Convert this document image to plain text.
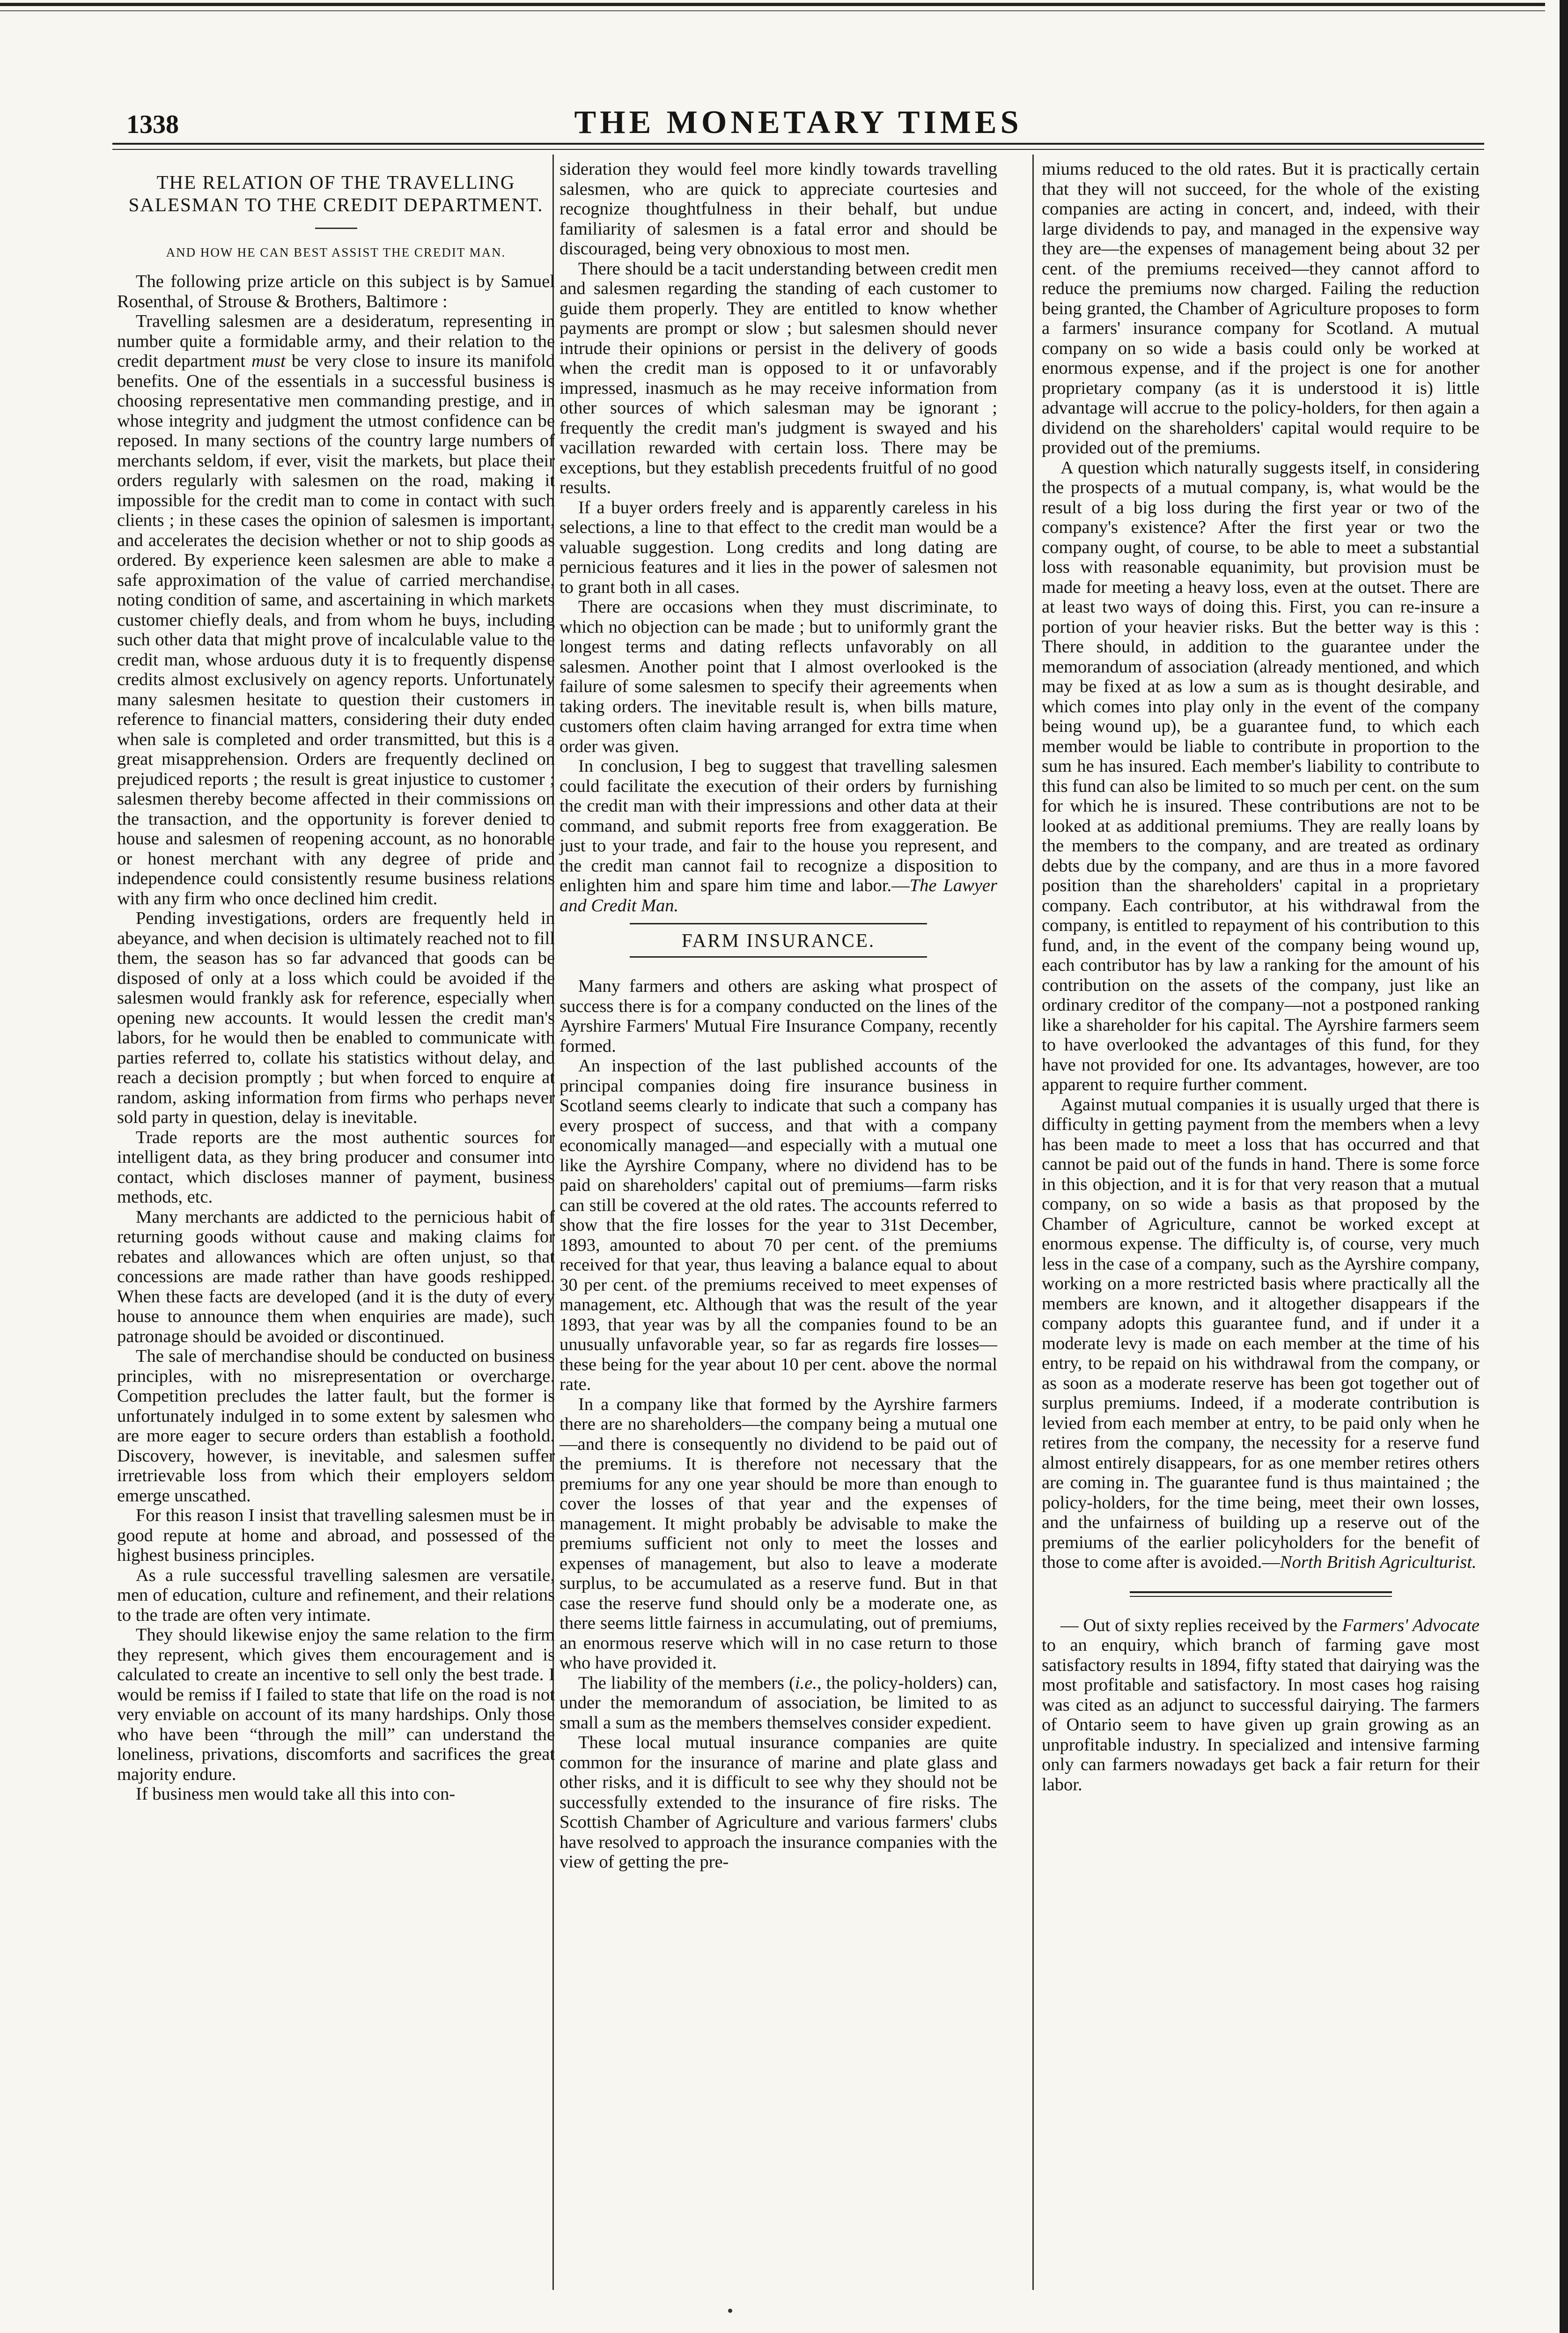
1338	THE MONETARY TIMES
THE RELATION OF THE TRAVELLING SALESMAN TO THE CREDIT DEPARTMENT.
AND HOW HE CAN BEST ASSIST THE CREDIT MAN.

The following prize article on this subject is by Samuel Rosenthal, of Strouse & Brothers, Baltimore :

Travelling salesmen are a desideratum, representing in number quite a formidable army, and their relation to the credit department must be very close to insure its manifold benefits. One of the essentials in a successful business is choosing representative men commanding prestige, and in whose integrity and judgment the utmost confidence can be reposed. In many sections of the country large numbers of merchants seldom, if ever, visit the markets, but place their orders regularly with salesmen on the road, making it impossible for the credit man to come in contact with such clients ; in these cases the opinion of salesmen is important, and accelerates the decision whether or not to ship goods as ordered. By experience keen salesmen are able to make a safe approximation of the value of carried merchandise, noting condition of same, and ascertaining in which markets customer chiefly deals, and from whom he buys, including such other data that might prove of incalculable value to the credit man, whose arduous duty it is to frequently dispense credits almost exclusively on agency reports. Unfortunately many salesmen hesitate to question their customers in reference to financial matters, considering their duty ended when sale is completed and order transmitted, but this is a great misapprehension. Orders are frequently declined on prejudiced reports ; the result is great injustice to customer ; salesmen thereby become affected in their commissions on the transaction, and the opportunity is forever denied to house and salesmen of reopening account, as no honorable or honest merchant with any degree of pride and independence could consistently resume business relations with any firm who once declined him credit.

Pending investigations, orders are frequently held in abeyance, and when decision is ultimately reached not to fill them, the season has so far advanced that goods can be disposed of only at a loss which could be avoided if the salesmen would frankly ask for reference, especially when opening new accounts. It would lessen the credit man's labors, for he would then be enabled to communicate with parties referred to, collate his statistics without delay, and reach a decision promptly ; but when forced to enquire at random, asking information from firms who perhaps never sold party in question, delay is inevitable.

Trade reports are the most authentic sources for intelligent data, as they bring producer and consumer into contact, which discloses manner of payment, business methods, etc.

Many merchants are addicted to the pernicious habit of returning goods without cause and making claims for rebates and allowances which are often unjust, so that concessions are made rather than have goods reshipped. When these facts are developed (and it is the duty of every house to announce them when enquiries are made), such patronage should be avoided or discontinued.

The sale of merchandise should be conducted on business principles, with no misrepresentation or overcharge. Competition precludes the latter fault, but the former is unfortunately indulged in to some extent by salesmen who are more eager to secure orders than establish a foothold. Discovery, however, is inevitable, and salesmen suffer irretrievable loss from which their employers seldom emerge unscathed.

For this reason I insist that travelling salesmen must be in good repute at home and abroad, and possessed of the highest business principles.

As a rule successful travelling salesmen are versatile, men of education, culture and refinement, and their relations to the trade are often very intimate.

They should likewise enjoy the same relation to the firm they represent, which gives them encouragement and is calculated to create an incentive to sell only the best trade. I would be remiss if I failed to state that life on the road is not very enviable on account of its many hardships. Only those who have been “through the mill” can understand the loneliness, privations, discomforts and sacrifices the great majority endure.

If business men would take all this into con-

sideration they would feel more kindly towards travelling salesmen, who are quick to appreciate courtesies and recognize thoughtfulness in their behalf, but undue familiarity of salesmen is a fatal error and should be discouraged, being very obnoxious to most men.

There should be a tacit understanding between credit men and salesmen regarding the standing of each customer to guide them properly. They are entitled to know whether payments are prompt or slow ; but salesmen should never intrude their opinions or persist in the delivery of goods when the credit man is opposed to it or unfavorably impressed, inasmuch as he may receive information from other sources of which salesman may be ignorant ; frequently the credit man's judgment is swayed and his vacillation rewarded with certain loss. There may be exceptions, but they establish precedents fruitful of no good results.

If a buyer orders freely and is apparently careless in his selections, a line to that effect to the credit man would be a valuable suggestion. Long credits and long dating are pernicious features and it lies in the power of salesmen not to grant both in all cases.

There are occasions when they must discriminate, to which no objection can be made ; but to uniformly grant the longest terms and dating reflects unfavorably on all salesmen. Another point that I almost overlooked is the failure of some salesmen to specify their agreements when taking orders. The inevitable result is, when bills mature, customers often claim having arranged for extra time when order was given.

In conclusion, I beg to suggest that travelling salesmen could facilitate the execution of their orders by furnishing the credit man with their impressions and other data at their command, and submit reports free from exaggeration. Be just to your trade, and fair to the house you represent, and the credit man cannot fail to recognize a disposition to enlighten him and spare him time and labor.—The Lawyer and Credit Man.

FARM INSURANCE.

Many farmers and others are asking what prospect of success there is for a company conducted on the lines of the Ayrshire Farmers' Mutual Fire Insurance Company, recently formed.

An inspection of the last published accounts of the principal companies doing fire insurance business in Scotland seems clearly to indicate that such a company has every prospect of success, and that with a company economically managed—and especially with a mutual one like the Ayrshire Company, where no dividend has to be paid on shareholders' capital out of premiums—farm risks can still be covered at the old rates. The accounts referred to show that the fire losses for the year to 31st December, 1893, amounted to about 70 per cent. of the premiums received for that year, thus leaving a balance equal to about 30 per cent. of the premiums received to meet expenses of management, etc. Although that was the result of the year 1893, that year was by all the companies found to be an unusually unfavorable year, so far as regards fire losses—these being for the year about 10 per cent. above the normal rate.

In a company like that formed by the Ayrshire farmers there are no shareholders—the company being a mutual one—and there is consequently no dividend to be paid out of the premiums. It is therefore not necessary that the premiums for any one year should be more than enough to cover the losses of that year and the expenses of management. It might probably be advisable to make the premiums sufficient not only to meet the losses and expenses of management, but also to leave a moderate surplus, to be accumulated as a reserve fund. But in that case the reserve fund should only be a moderate one, as there seems little fairness in accumulating, out of premiums, an enormous reserve which will in no case return to those who have provided it.

The liability of the members (i.e., the policy-holders) can, under the memorandum of association, be limited to as small a sum as the members themselves consider expedient.

These local mutual insurance companies are quite common for the insurance of marine and plate glass and other risks, and it is difficult to see why they should not be successfully extended to the insurance of fire risks. The Scottish Chamber of Agriculture and various farmers' clubs have resolved to approach the insurance companies with the view of getting the pre-

miums reduced to the old rates. But it is practically certain that they will not succeed, for the whole of the existing companies are acting in concert, and, indeed, with their large dividends to pay, and managed in the expensive way they are—the expenses of management being about 32 per cent. of the premiums received—they cannot afford to reduce the premiums now charged. Failing the reduction being granted, the Chamber of Agriculture proposes to form a farmers' insurance company for Scotland. A mutual company on so wide a basis could only be worked at enormous expense, and if the project is one for another proprietary company (as it is understood it is) little advantage will accrue to the policy-holders, for then again a dividend on the shareholders' capital would require to be provided out of the premiums.

A question which naturally suggests itself, in considering the prospects of a mutual company, is, what would be the result of a big loss during the first year or two of the company's existence? After the first year or two the company ought, of course, to be able to meet a substantial loss with reasonable equanimity, but provision must be made for meeting a heavy loss, even at the outset. There are at least two ways of doing this. First, you can re-insure a portion of your heavier risks. But the better way is this : There should, in addition to the guarantee under the memorandum of association (already mentioned, and which may be fixed at as low a sum as is thought desirable, and which comes into play only in the event of the company being wound up), be a guarantee fund, to which each member would be liable to contribute in proportion to the sum he has insured. Each member's liability to contribute to this fund can also be limited to so much per cent. on the sum for which he is insured. These contributions are not to be looked at as additional premiums. They are really loans by the members to the company, and are treated as ordinary debts due by the company, and are thus in a more favored position than the shareholders' capital in a proprietary company. Each contributor, at his withdrawal from the company, is entitled to repayment of his contribution to this fund, and, in the event of the company being wound up, each contributor has by law a ranking for the amount of his contribution on the assets of the company, just like an ordinary creditor of the company—not a postponed ranking like a shareholder for his capital. The Ayrshire farmers seem to have overlooked the advantages of this fund, for they have not provided for one. Its advantages, however, are too apparent to require further comment.

Against mutual companies it is usually urged that there is difficulty in getting payment from the members when a levy has been made to meet a loss that has occurred and that cannot be paid out of the funds in hand. There is some force in this objection, and it is for that very reason that a mutual company, on so wide a basis as that proposed by the Chamber of Agriculture, cannot be worked except at enormous expense. The difficulty is, of course, very much less in the case of a company, such as the Ayrshire company, working on a more restricted basis where practically all the members are known, and it altogether disappears if the company adopts this guarantee fund, and if under it a moderate levy is made on each member at the time of his entry, to be repaid on his withdrawal from the company, or as soon as a moderate reserve has been got together out of surplus premiums. Indeed, if a moderate contribution is levied from each member at entry, to be paid only when he retires from the company, the necessity for a reserve fund almost entirely disappears, for as one member retires others are coming in. The guarantee fund is thus maintained ; the policy-holders, for the time being, meet their own losses, and the unfairness of building up a reserve out of the premiums of the earlier policyholders for the benefit of those to come after is avoided.—North British Agriculturist.

— Out of sixty replies received by the Farmers' Advocate to an enquiry, which branch of farming gave most satisfactory results in 1894, fifty stated that dairying was the most profitable and satisfactory. In most cases hog raising was cited as an adjunct to successful dairying. The farmers of Ontario seem to have given up grain growing as an unprofitable industry. In specialized and intensive farming only can farmers nowadays get back a fair return for their labor.
